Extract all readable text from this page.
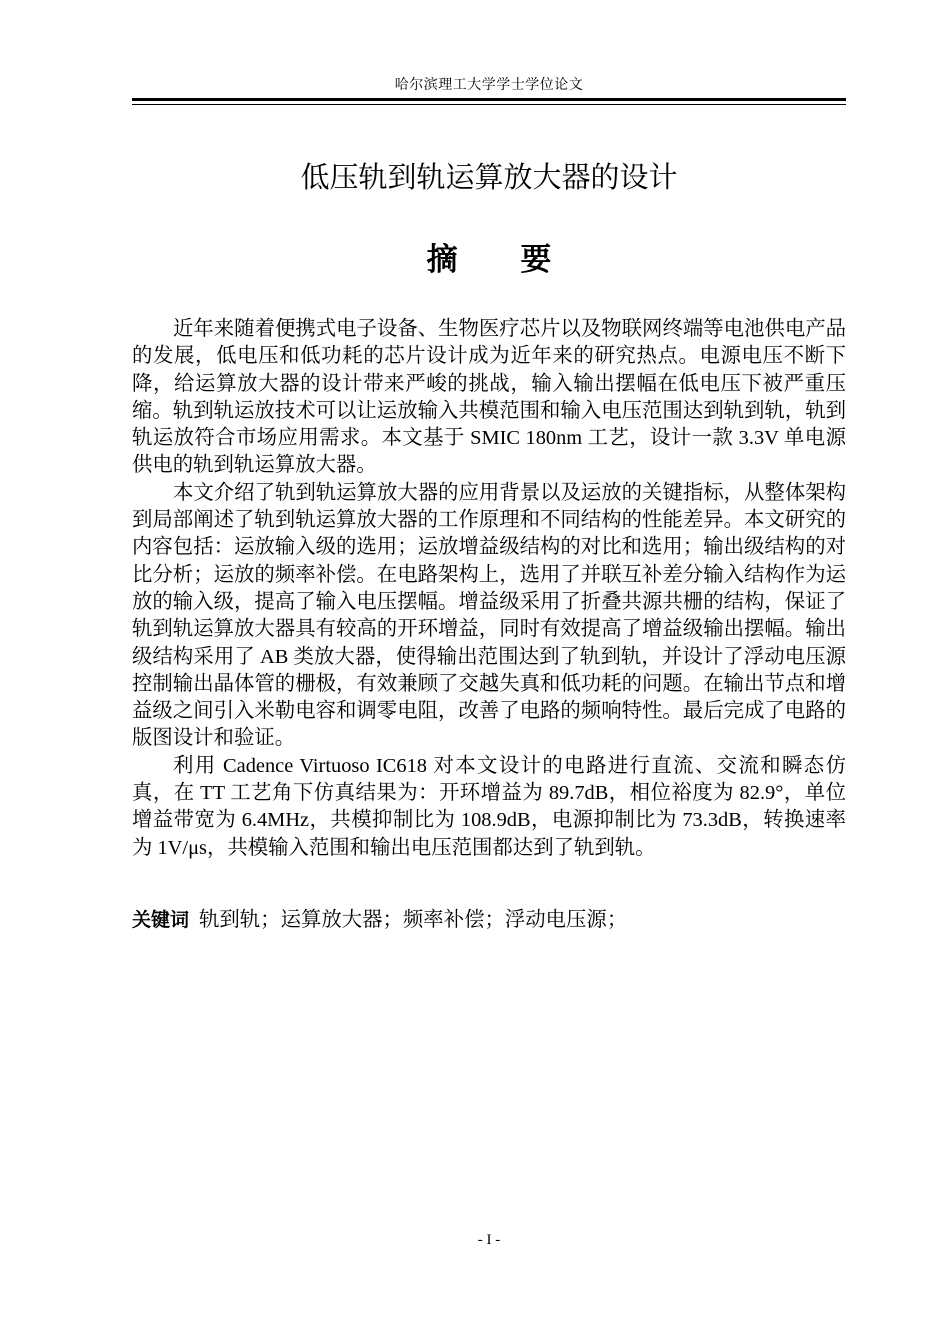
哈尔滨理工大学学士学位论文
低压轨到轨运算放大器的设计
摘 要

近年来随着便携式电子设备、生物医疗芯片以及物联网终端等电池供电产品的发展，低电压和低功耗的芯片设计成为近年来的研究热点。电源电压不断下降，给运算放大器的设计带来严峻的挑战，输入输出摆幅在低电压下被严重压缩。轨到轨运放技术可以让运放输入共模范围和输入电压范围达到轨到轨，轨到轨运放符合市场应用需求。本文基于 SMIC 180nm 工艺，设计一款 3.3V 单电源供电的轨到轨运算放大器。

本文介绍了轨到轨运算放大器的应用背景以及运放的关键指标，从整体架构到局部阐述了轨到轨运算放大器的工作原理和不同结构的性能差异。本文研究的内容包括：运放输入级的选用；运放增益级结构的对比和选用；输出级结构的对比分析；运放的频率补偿。在电路架构上，选用了并联互补差分输入结构作为运放的输入级，提高了输入电压摆幅。增益级采用了折叠共源共栅的结构，保证了轨到轨运算放大器具有较高的开环增益，同时有效提高了增益级输出摆幅。输出级结构采用了 AB 类放大器，使得输出范围达到了轨到轨，并设计了浮动电压源控制输出晶体管的栅极，有效兼顾了交越失真和低功耗的问题。在输出节点和增益级之间引入米勒电容和调零电阻，改善了电路的频响特性。最后完成了电路的版图设计和验证。

利用 Cadence Virtuoso IC618 对本文设计的电路进行直流、交流和瞬态仿真，在 TT 工艺角下仿真结果为：开环增益为 89.7dB，相位裕度为 82.9°，单位增益带宽为 6.4MHz，共模抑制比为 108.9dB，电源抑制比为 73.3dB，转换速率为 1V/μs，共模输入范围和输出电压范围都达到了轨到轨。

关键词 轨到轨；运算放大器；频率补偿；浮动电压源；
- I -
